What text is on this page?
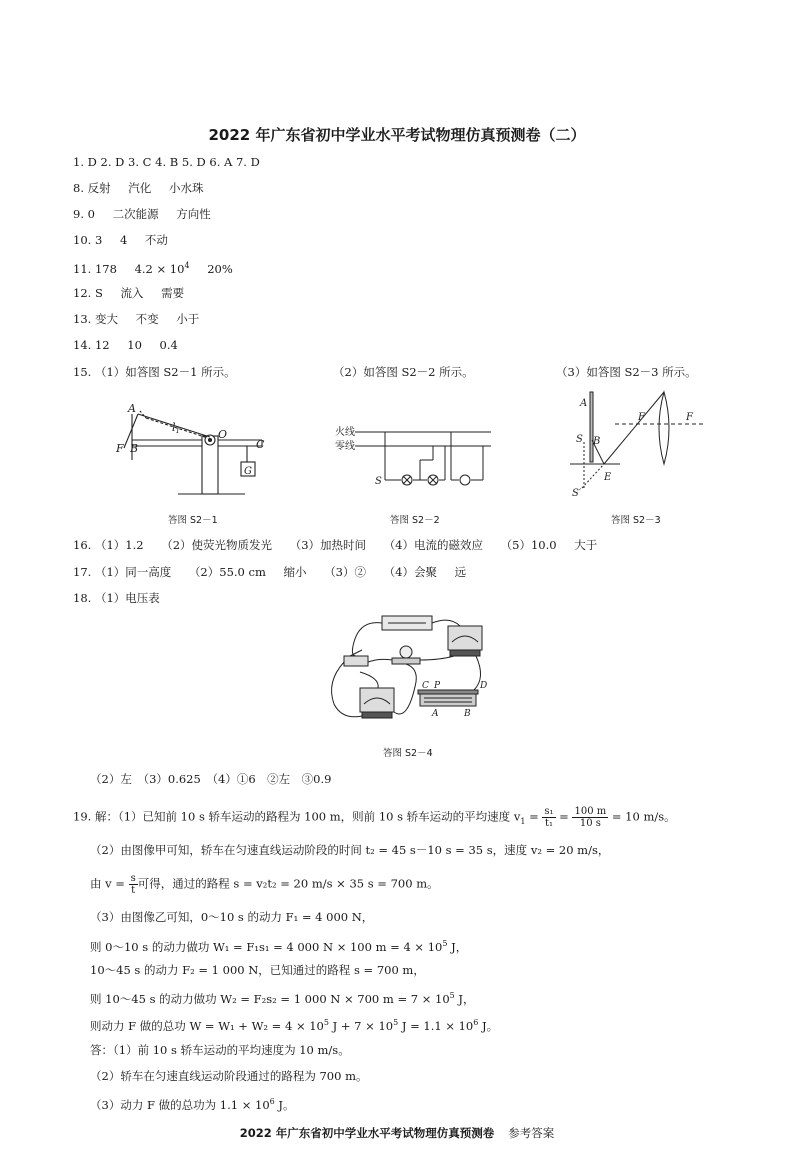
2022 年广东省初中学业水平考试物理仿真预测卷（二）
1. D 2. D 3. C 4. B 5. D 6. A 7. D
8. 反射 汽化 小水珠
9. 0 二次能源 方向性
10. 3 4 不动
11. 178 $4.2 \times 10^4$ 20%
12. S 流入 需要
13. 变大 不变 小于
14. 12 10 0.4
15. （1）如答图 S2－1 所示。	（2）如答图 S2－2 所示。	（3）如答图 S2－3 所示。
A
F B
l1	O
C
G
答图 S2－1
火线
零线
S
答图 S2－2
A
F	F
S B
E
S′
答图 S2－3
16. （1）1.2 （2）使荧光物质发光 （3）加热时间 （4）电流的磁效应 （5）10.0 大于
17. （1）同一高度 （2）55.0 cm 缩小 （3）② （4）会聚 远
18. （1）电压表
C P	D
A	B
答图 S2－4
（2）左　（3）0.625　（4）①6　②左　③0.9
19. 解：（1）已知前 10 s 轿车运动的路程为 100 m，则前 10 s 轿车运动的平均速度 $v_1 = \frac{\text{s₁}}{\text{t₁}} = \frac{100 m}{10 s} = 10$ m/s。
（2）由图像甲可知，轿车在匀速直线运动阶段的时间 t₂ = 45 s－10 s = 35 s，速度 v₂ = 20 m/s，
由 $v = \frac{s}{t}$ 可得，通过的路程 s = v₂t₂ = 20 m/s × 35 s = 700 m。
（3）由图像乙可知，0～10 s 的动力 F₁ = 4 000 N，
则 0～10 s 的动力做功 W₁ = F₁s₁ = 4 000 N × 100 $m = 4 \times 10^5$ J，
10～45 s 的动力 F₂ = 1 000 N，已知通过的路程 s = 700 m，
则 10～45 s 的动力做功 W₂ = F₂s₂ = 1 000 N × 700 $m = 7 \times 10^5$ J，
则动力 F 做的总功 $W = W_1 + W_2 = 4 \times 10^5$ $J + 7 \times 10^5$ $J = 1.1 \times 10^6$ J。
答：（1）前 10 s 轿车运动的平均速度为 10 m/s。
（2）轿车在匀速直线运动阶段通过的路程为 700 m。
（3）动力 F 做的总功为 $1.1 \times 10^6$ J。
2022 年广东省初中学业水平考试物理仿真预测卷 参考答案
